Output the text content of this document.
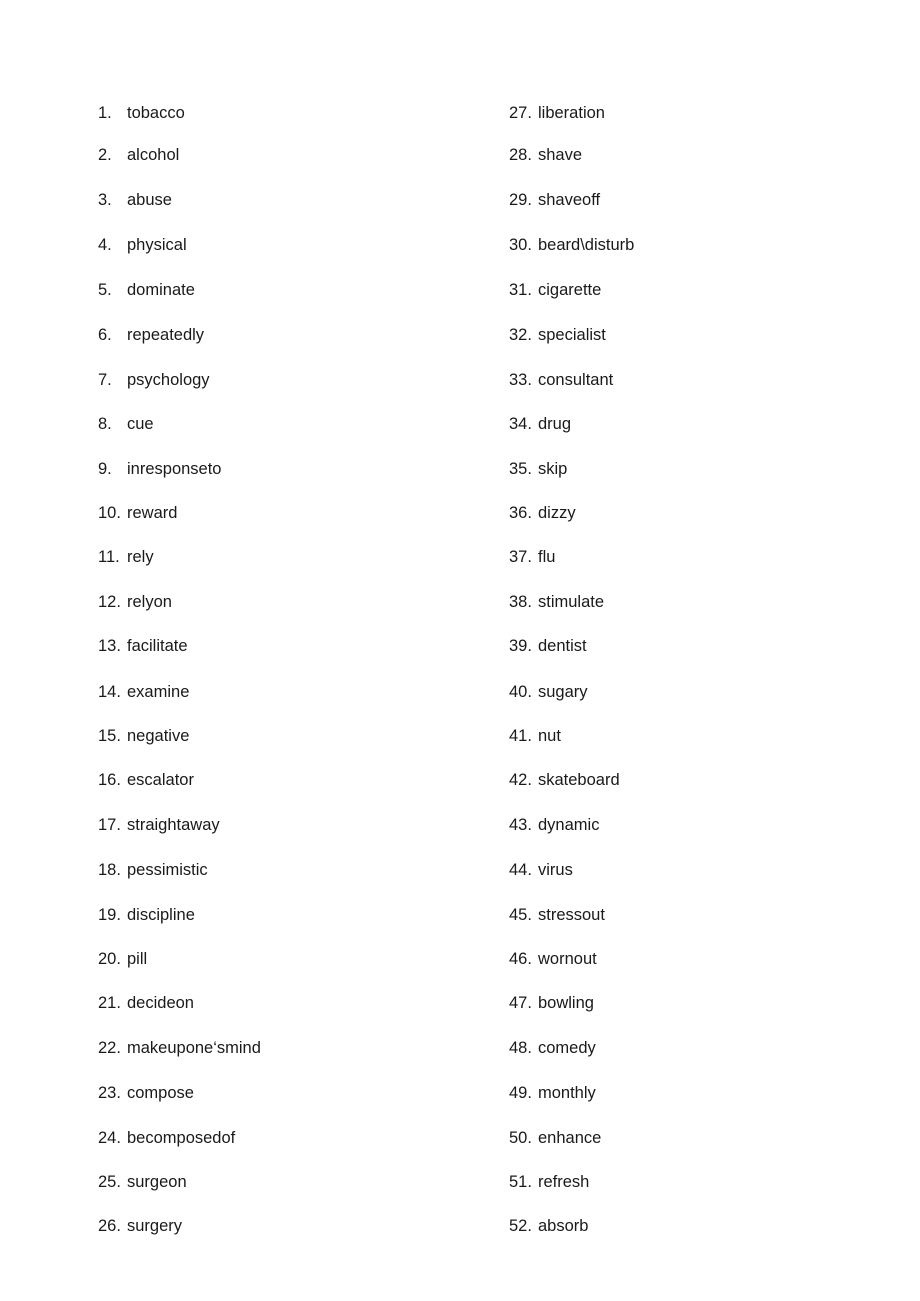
1. tobacco
2. alcohol
3. abuse
4. physical
5. dominate
6. repeatedly
7. psychology
8. cue
9. inresponseto
10. reward
11. rely
12. relyon
13. facilitate
14. examine
15. negative
16. escalator
17. straightaway
18. pessimistic
19. discipline
20. pill
21. decideon
22. makeupone‘smind
23. compose
24. becomposedof
25. surgeon
26. surgery
27. liberation
28. shave
29. shaveoff
30. beard\disturb
31. cigarette
32. specialist
33. consultant
34. drug
35. skip
36. dizzy
37. flu
38. stimulate
39. dentist
40. sugary
41. nut
42. skateboard
43. dynamic
44. virus
45. stressout
46. wornout
47. bowling
48. comedy
49. monthly
50. enhance
51. refresh
52. absorb
